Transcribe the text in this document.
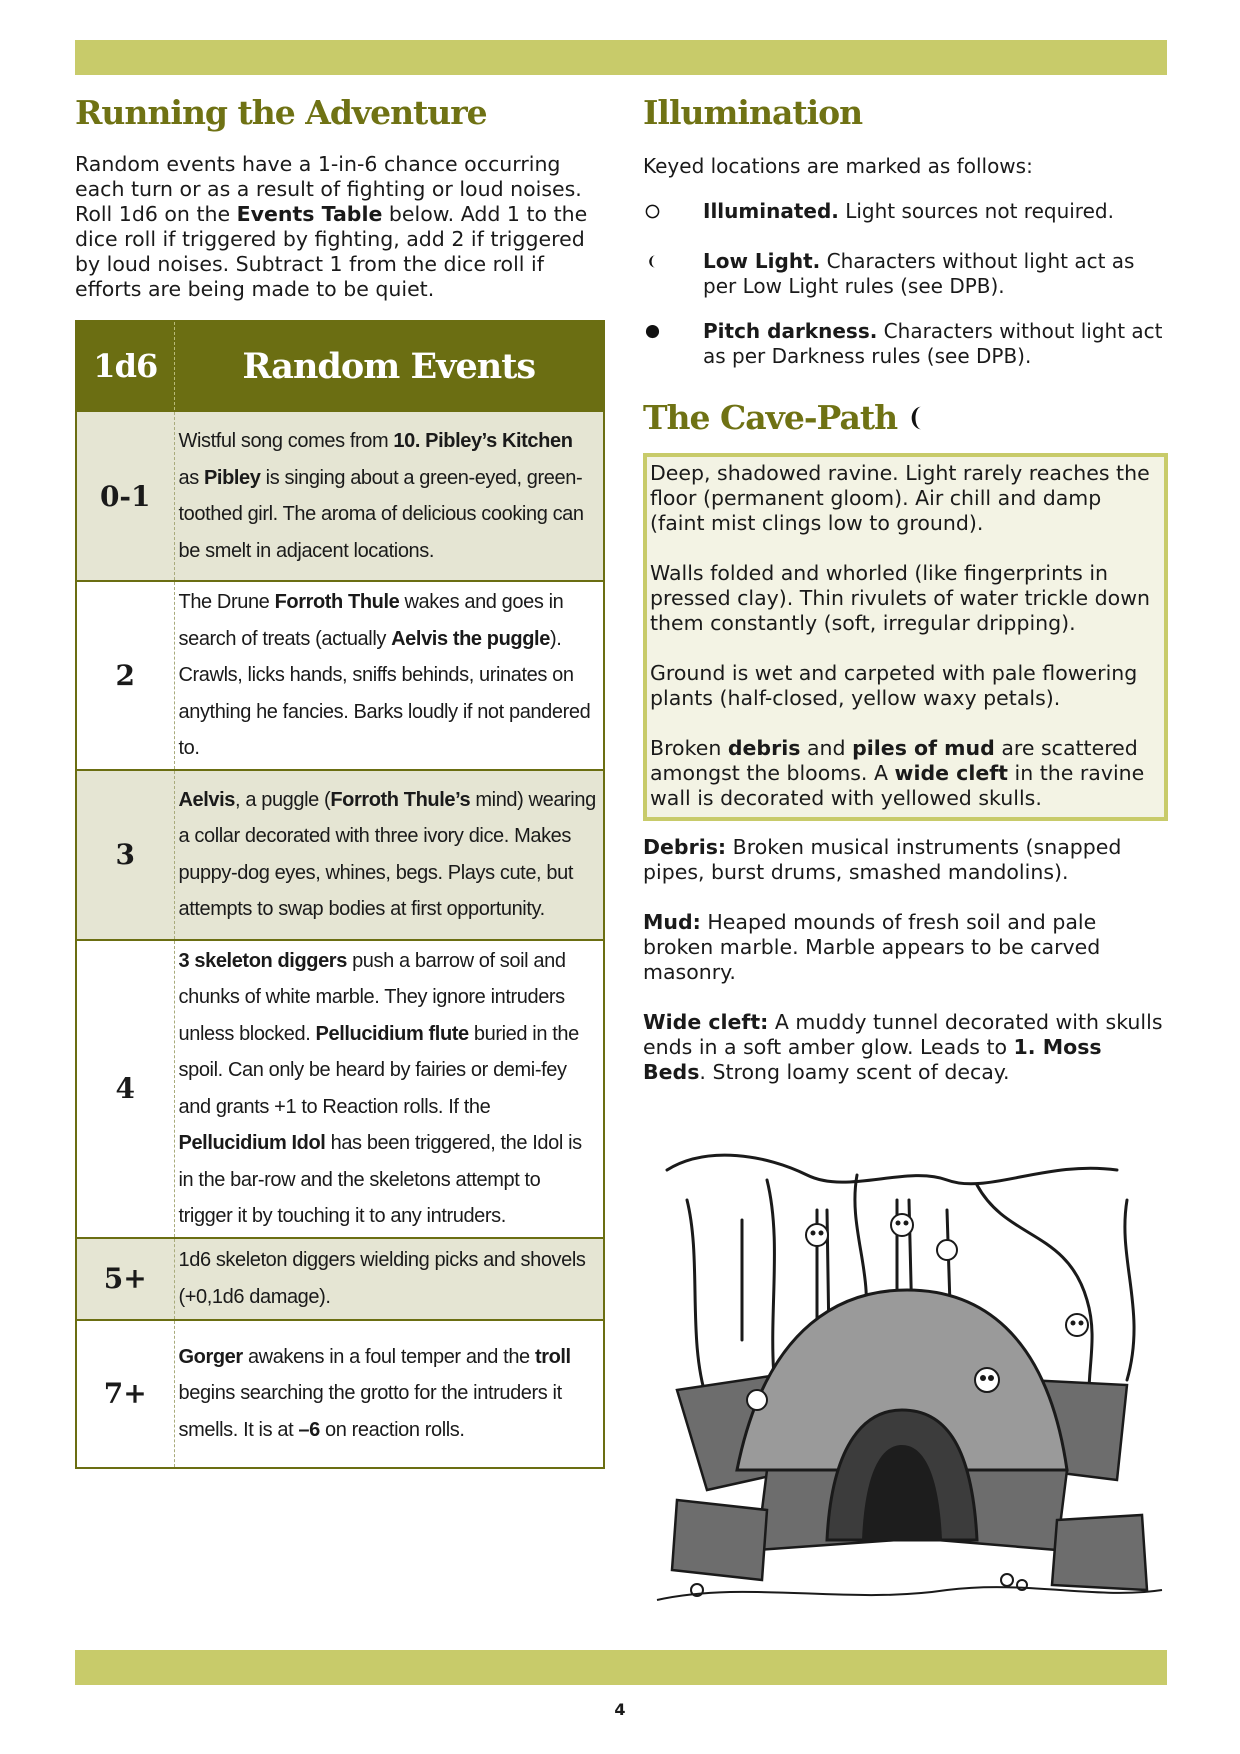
Running the Adventure

Random events have a 1-in-6 chance occurring each turn or as a result of fighting or loud noises. Roll 1d6 on the Events Table below. Add 1 to the dice roll if triggered by fighting, add 2 if triggered by loud noises. Subtract 1 from the dice roll if efforts are being made to be quiet.

1d6	Random Events
0-1	Wistful song comes from 10. Pibley’s Kitchen as Pibley is singing about a green-eyed, green-toothed girl. The aroma of delicious cooking can be smelt in adjacent locations.
2	The Drune Forroth Thule wakes and goes in search of treats (actually Aelvis the puggle). Crawls, licks hands, sniffs behinds, urinates on anything he fancies. Barks loudly if not pandered to.
3	Aelvis, a puggle (Forroth Thule’s mind) wearing a collar decorated with three ivory dice. Makes puppy-dog eyes, whines, begs. Plays cute, but attempts to swap bodies at first opportunity.
4	3 skeleton diggers push a barrow of soil and chunks of white marble. They ignore intruders unless blocked. Pellucidium flute buried in the spoil. Can only be heard by fairies or demi-fey and grants +1 to Reaction rolls. If the Pellucidium Idol has been triggered, the Idol is in the bar-row and the skeletons attempt to trigger it by touching it to any intruders.
5+	1d6 skeleton diggers wielding picks and shovels (+0,1d6 damage).
7+	Gorger awakens in a foul temper and the troll begins searching the grotto for the intruders it smells. It is at –6 on reaction rolls.
Illumination

Keyed locations are marked as follows:

Illuminated. Light sources not required.
Low Light. Characters without light act as per Low Light rules (see DPB).
Pitch darkness. Characters without light act as per Darkness rules (see DPB).
The Cave-Path

Deep, shadowed ravine. Light rarely reaches the floor (permanent gloom). Air chill and damp (faint mist clings low to ground).

Walls folded and whorled (like fingerprints in pressed clay). Thin rivulets of water trickle down them constantly (soft, irregular dripping).

Ground is wet and carpeted with pale flowering plants (half-closed, yellow waxy petals).

Broken debris and piles of mud are scattered amongst the blooms. A wide cleft in the ravine wall is decorated with yellowed skulls.

Debris: Broken musical instruments (snapped pipes, burst drums, smashed mandolins).

Mud: Heaped mounds of fresh soil and pale broken marble. Marble appears to be carved masonry.

Wide cleft: A muddy tunnel decorated with skulls ends in a soft amber glow. Leads to 1. Moss Beds. Strong loamy scent of decay.

4
